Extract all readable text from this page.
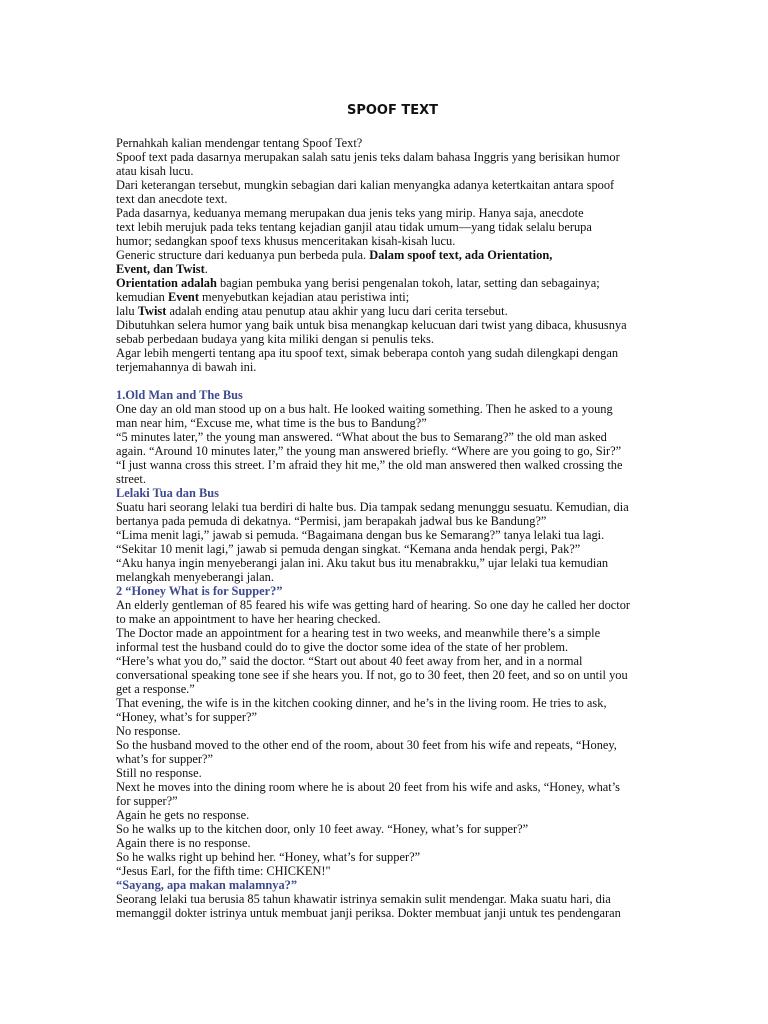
SPOOF TEXT
Pernahkah kalian mendengar tentang Spoof Text?
Spoof text pada dasarnya merupakan salah satu jenis teks dalam bahasa Inggris yang berisikan humor
atau kisah lucu.
Dari keterangan tersebut, mungkin sebagian dari kalian menyangka adanya ketertkaitan antara spoof
text dan anecdote text.
Pada dasarnya, keduanya memang merupakan dua jenis teks yang mirip. Hanya saja, anecdote
text lebih merujuk pada teks tentang kejadian ganjil atau tidak umum—yang tidak selalu berupa
humor; sedangkan spoof texs khusus menceritakan kisah-kisah lucu.
Generic structure dari keduanya pun berbeda pula. Dalam spoof text, ada Orientation,
Event, dan Twist.
Orientation adalah bagian pembuka yang berisi pengenalan tokoh, latar, setting dan sebagainya;
kemudian Event menyebutkan kejadian atau peristiwa inti;
lalu Twist adalah ending atau penutup atau akhir yang lucu dari cerita tersebut.
Dibutuhkan selera humor yang baik untuk bisa menangkap kelucuan dari twist yang dibaca, khususnya
sebab perbedaan budaya yang kita miliki dengan si penulis teks.
Agar lebih mengerti tentang apa itu spoof text, simak beberapa contoh yang sudah dilengkapi dengan
terjemahannya di bawah ini.
1.Old Man and The Bus
One day an old man stood up on a bus halt. He looked waiting something. Then he asked to a young
man near him, “Excuse me, what time is the bus to Bandung?”
“5 minutes later,” the young man answered. “What about the bus to Semarang?” the old man asked
again. “Around 10 minutes later,” the young man answered briefly. “Where are you going to go, Sir?”
“I just wanna cross this street. I’m afraid they hit me,” the old man answered then walked crossing the
street.
Lelaki Tua dan Bus
Suatu hari seorang lelaki tua berdiri di halte bus. Dia tampak sedang menunggu sesuatu. Kemudian, dia
bertanya pada pemuda di dekatnya. “Permisi, jam berapakah jadwal bus ke Bandung?”
“Lima menit lagi,” jawab si pemuda. “Bagaimana dengan bus ke Semarang?” tanya lelaki tua lagi.
“Sekitar 10 menit lagi,” jawab si pemuda dengan singkat. “Kemana anda hendak pergi, Pak?”
“Aku hanya ingin menyeberangi jalan ini. Aku takut bus itu menabrakku,” ujar lelaki tua kemudian
melangkah menyeberangi jalan.
2 “Honey What is for Supper?”
An elderly gentleman of 85 feared his wife was getting hard of hearing. So one day he called her doctor
to make an appointment to have her hearing checked.
The Doctor made an appointment for a hearing test in two weeks, and meanwhile there’s a simple
informal test the husband could do to give the doctor some idea of the state of her problem.
“Here’s what you do,” said the doctor. “Start out about 40 feet away from her, and in a normal
conversational speaking tone see if she hears you. If not, go to 30 feet, then 20 feet, and so on until you
get a response.”
That evening, the wife is in the kitchen cooking dinner, and he’s in the living room. He tries to ask,
“Honey, what’s for supper?”
No response.
So the husband moved to the other end of the room, about 30 feet from his wife and repeats, “Honey,
what’s for supper?”
Still no response.
Next he moves into the dining room where he is about 20 feet from his wife and asks, “Honey, what’s
for supper?”
Again he gets no response.
So he walks up to the kitchen door, only 10 feet away. “Honey, what’s for supper?”
Again there is no response.
So he walks right up behind her. “Honey, what’s for supper?”
“Jesus Earl, for the fifth time: CHICKEN!"
“Sayang, apa makan malamnya?”
Seorang lelaki tua berusia 85 tahun khawatir istrinya semakin sulit mendengar. Maka suatu hari, dia
memanggil dokter istrinya untuk membuat janji periksa. Dokter membuat janji untuk tes pendengaran
